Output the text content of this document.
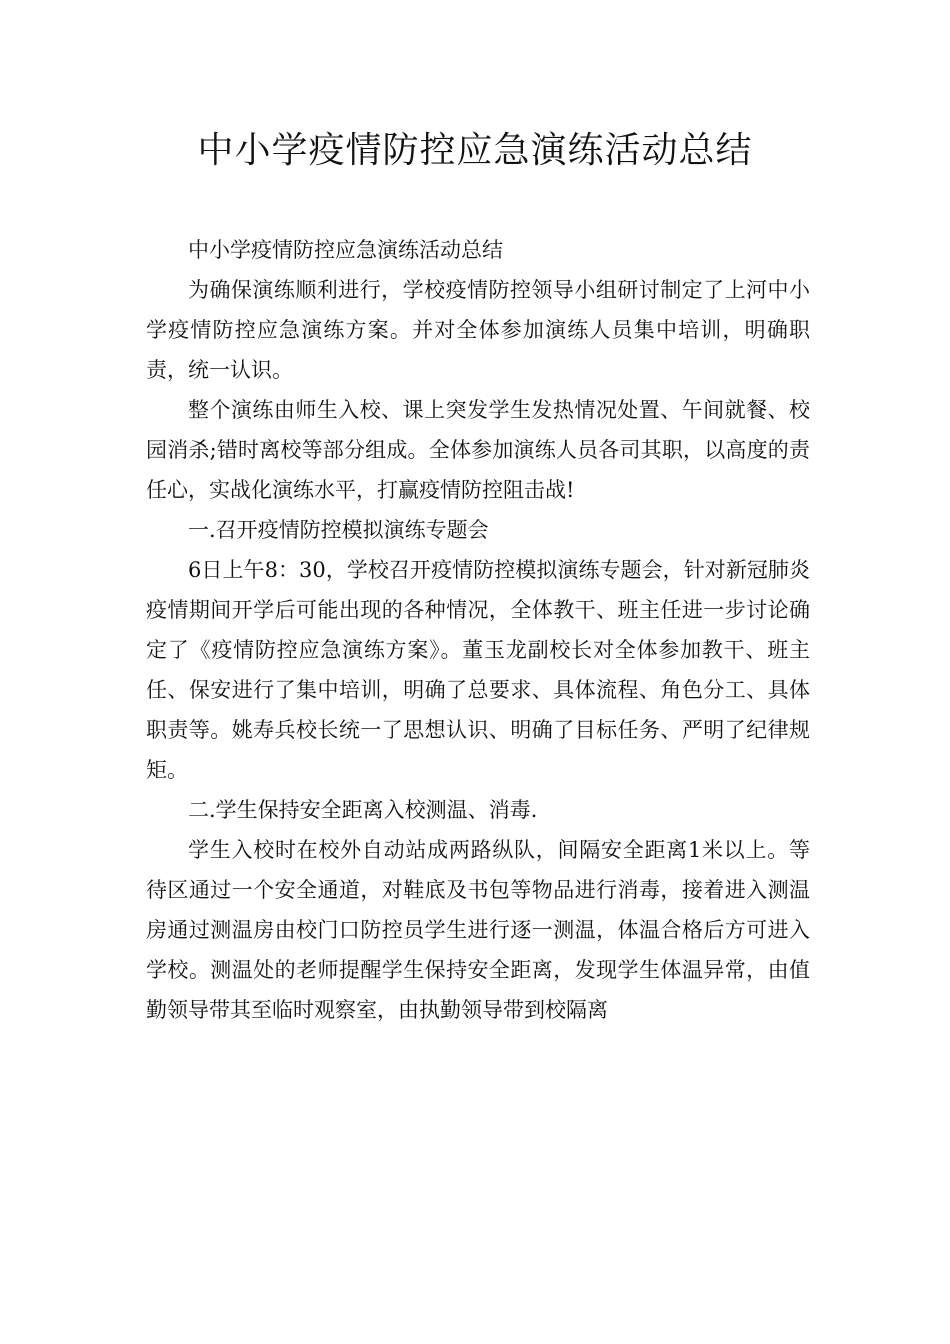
中小学疫情防控应急演练活动总结

中小学疫情防控应急演练活动总结

为确保演练顺利进行，学校疫情防控领导小组研讨制定了上河中小学疫情防控应急演练方案。并对全体参加演练人员集中培训，明确职责，统一认识。

整个演练由师生入校、课上突发学生发热情况处置、午间就餐、校园消杀;错时离校等部分组成。全体参加演练人员各司其职，以高度的责任心，实战化演练水平，打赢疫情防控阻击战!

一.召开疫情防控模拟演练专题会

6日上午8：30，学校召开疫情防控模拟演练专题会，针对新冠肺炎疫情期间开学后可能出现的各种情况，全体教干、班主任进一步讨论确定了《疫情防控应急演练方案》。董玉龙副校长对全体参加教干、班主任、保安进行了集中培训，明确了总要求、具体流程、角色分工、具体职责等。姚寿兵校长统一了思想认识、明确了目标任务、严明了纪律规矩。

二.学生保持安全距离入校测温、消毒.

学生入校时在校外自动站成两路纵队，间隔安全距离1米以上。等待区通过一个安全通道，对鞋底及书包等物品进行消毒，接着进入测温房通过测温房由校门口防控员学生进行逐一测温，体温合格后方可进入学校。测温处的老师提醒学生保持安全距离，发现学生体温异常，由值勤领导带其至临时观察室，由执勤领导带到校隔离
